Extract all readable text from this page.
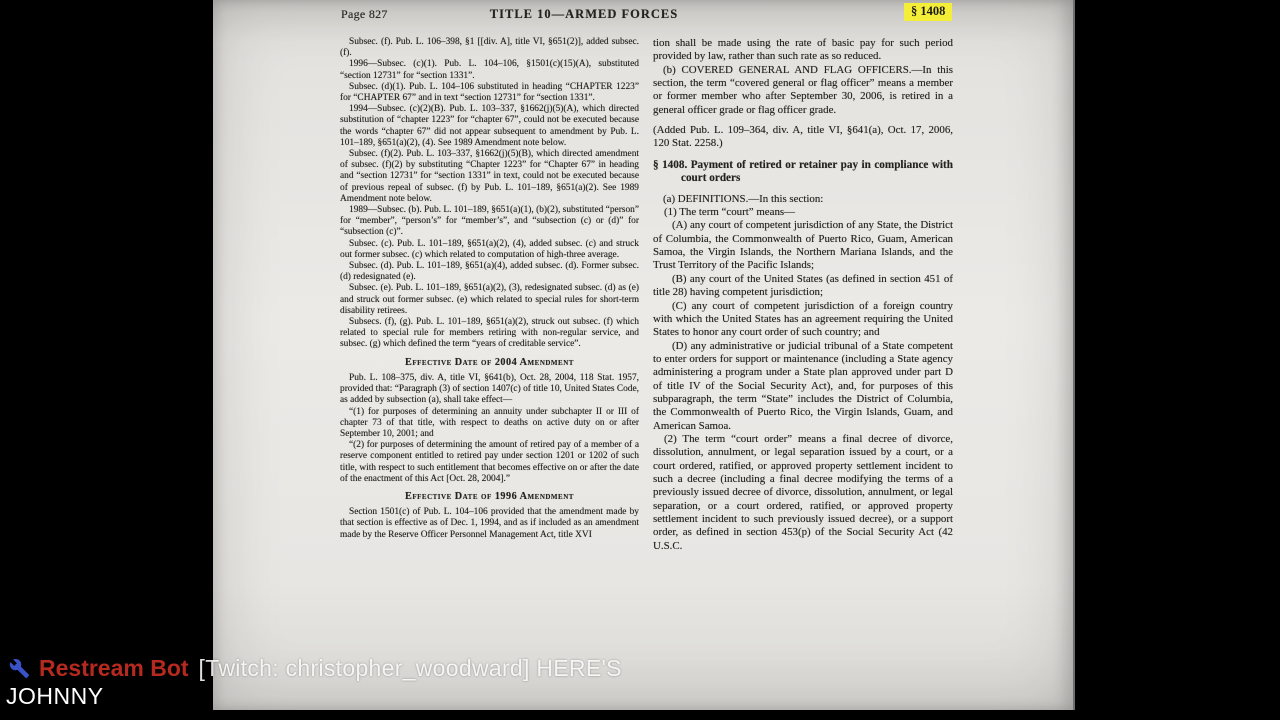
Page 827	TITLE 10—ARMED FORCES	§ 1408

Subsec. (f). Pub. L. 106–398, §1 [[div. A], title VI, §651(2)], added subsec. (f).

1996—Subsec. (c)(1). Pub. L. 104–106, §1501(c)(15)(A), substituted “section 12731” for “section 1331”.

Subsec. (d)(1). Pub. L. 104–106 substituted in heading “CHAPTER 1223” for “CHAPTER 67” and in text “section 12731” for “section 1331”.

1994—Subsec. (c)(2)(B). Pub. L. 103–337, §1662(j)(5)(A), which directed substitution of “chapter 1223” for “chapter 67”, could not be executed because the words “chapter 67” did not appear subsequent to amendment by Pub. L. 101–189, §651(a)(2), (4). See 1989 Amendment note below.

Subsec. (f)(2). Pub. L. 103–337, §1662(j)(5)(B), which directed amendment of subsec. (f)(2) by substituting “Chapter 1223” for “Chapter 67” in heading and “section 12731” for “section 1331” in text, could not be executed because of previous repeal of subsec. (f) by Pub. L. 101–189, §651(a)(2). See 1989 Amendment note below.

1989—Subsec. (b). Pub. L. 101–189, §651(a)(1), (b)(2), substituted “person” for “member”, “person’s” for “member’s”, and “subsection (c) or (d)” for “subsection (c)”.

Subsec. (c). Pub. L. 101–189, §651(a)(2), (4), added subsec. (c) and struck out former subsec. (c) which related to computation of high-three average.

Subsec. (d). Pub. L. 101–189, §651(a)(4), added subsec. (d). Former subsec. (d) redesignated (e).

Subsec. (e). Pub. L. 101–189, §651(a)(2), (3), redesignated subsec. (d) as (e) and struck out former subsec. (e) which related to special rules for short-term disability retirees.

Subsecs. (f), (g). Pub. L. 101–189, §651(a)(2), struck out subsec. (f) which related to special rule for members retiring with non-regular service, and subsec. (g) which defined the term “years of creditable service”.

Effective Date of 2004 Amendment

Pub. L. 108–375, div. A, title VI, §641(b), Oct. 28, 2004, 118 Stat. 1957, provided that: “Paragraph (3) of section 1407(c) of title 10, United States Code, as added by subsection (a), shall take effect—

“(1) for purposes of determining an annuity under subchapter II or III of chapter 73 of that title, with respect to deaths on active duty on or after September 10, 2001; and

“(2) for purposes of determining the amount of retired pay of a member of a reserve component entitled to retired pay under section 1201 or 1202 of such title, with respect to such entitlement that becomes effective on or after the date of the enactment of this Act [Oct. 28, 2004].”

Effective Date of 1996 Amendment

Section 1501(c) of Pub. L. 104–106 provided that the amendment made by that section is effective as of Dec. 1, 1994, and as if included as an amendment made by the Reserve Officer Personnel Management Act, title XVI

tion shall be made using the rate of basic pay for such period provided by law, rather than such rate as so reduced.

(b) COVERED GENERAL AND FLAG OFFICERS.—In this section, the term “covered general or flag officer” means a member or former member who after September 30, 2006, is retired in a general officer grade or flag officer grade.

(Added Pub. L. 109–364, div. A, title VI, §641(a), Oct. 17, 2006, 120 Stat. 2258.)

§ 1408. Payment of retired or retainer pay in compliance with court orders

(a) DEFINITIONS.—In this section:

(1) The term “court” means—

(A) any court of competent jurisdiction of any State, the District of Columbia, the Commonwealth of Puerto Rico, Guam, American Samoa, the Virgin Islands, the Northern Mariana Islands, and the Trust Territory of the Pacific Islands;

(B) any court of the United States (as defined in section 451 of title 28) having competent jurisdiction;

(C) any court of competent jurisdiction of a foreign country with which the United States has an agreement requiring the United States to honor any court order of such country; and

(D) any administrative or judicial tribunal of a State competent to enter orders for support or maintenance (including a State agency administering a program under a State plan approved under part D of title IV of the Social Security Act), and, for purposes of this subparagraph, the term “State” includes the District of Columbia, the Commonwealth of Puerto Rico, the Virgin Islands, Guam, and American Samoa.

(2) The term “court order” means a final decree of divorce, dissolution, annulment, or legal separation issued by a court, or a court ordered, ratified, or approved property settlement incident to such a decree (including a final decree modifying the terms of a previously issued decree of divorce, dissolution, annulment, or legal separation, or a court ordered, ratified, or approved property settlement incident to such previously issued decree), or a support order, as defined in section 453(p) of the Social Security Act (42 U.S.C.

Restream Bot [Twitch: christopher_woodward] HERE'S
JOHNNY
